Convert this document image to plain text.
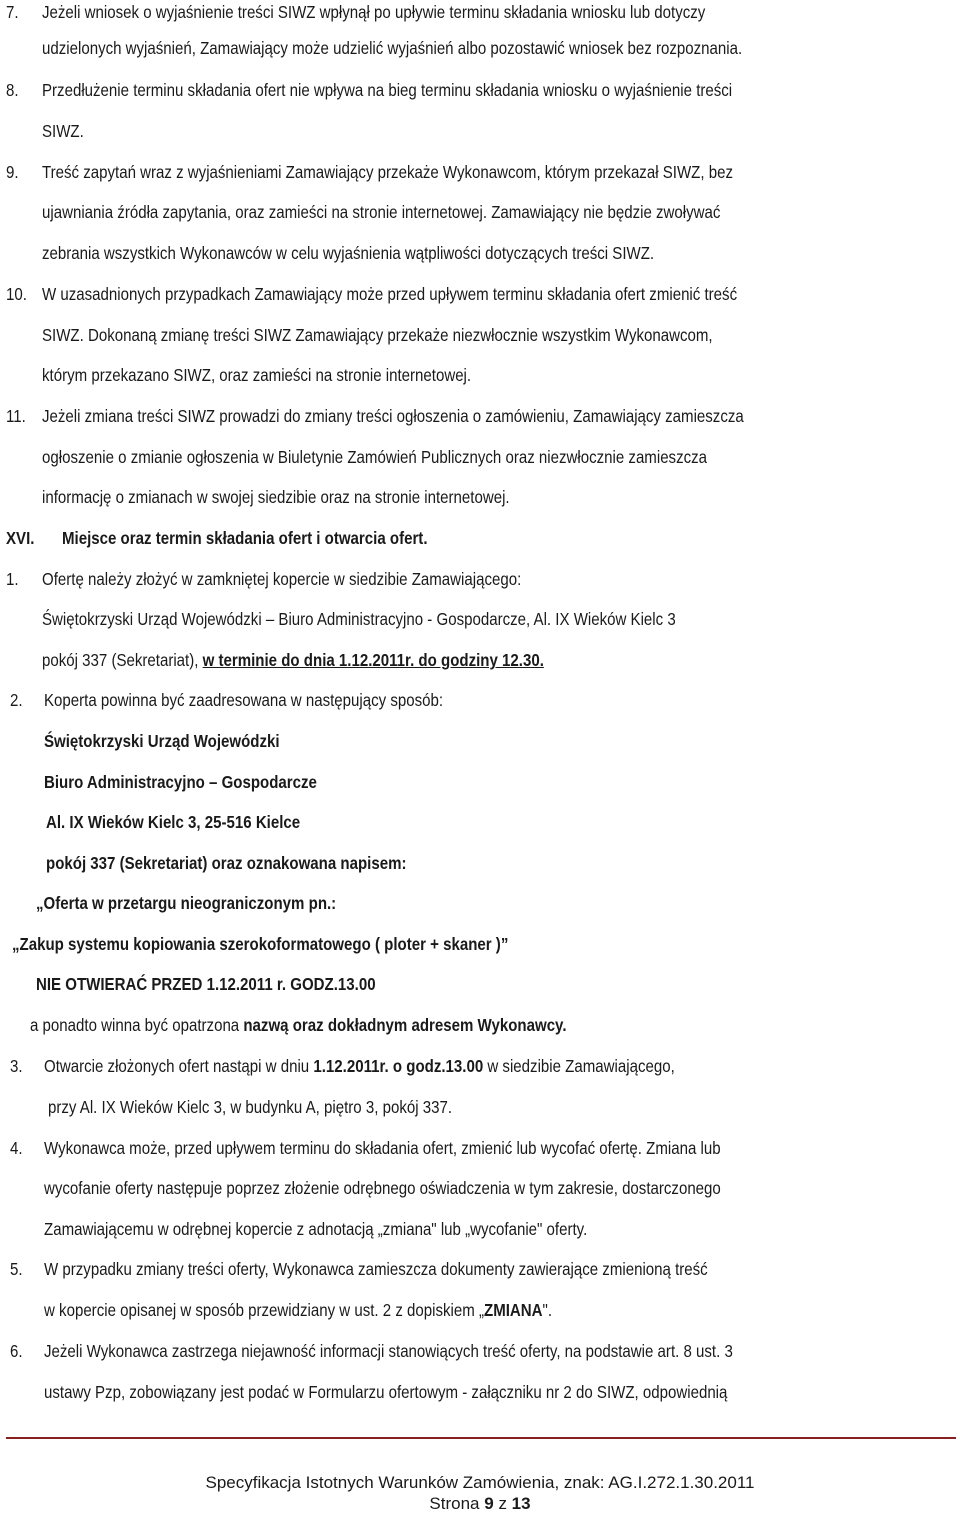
7.	Jeżeli wniosek o wyjaśnienie treści SIWZ wpłynął po upływie terminu składania wniosku lub dotyczy
udzielonych wyjaśnień, Zamawiający może udzielić wyjaśnień albo pozostawić wniosek bez rozpoznania.
8.	Przedłużenie terminu składania ofert nie wpływa na bieg terminu składania wniosku o wyjaśnienie treści
SIWZ.
9.	Treść zapytań wraz z wyjaśnieniami Zamawiający przekaże Wykonawcom, którym przekazał SIWZ, bez
ujawniania źródła zapytania, oraz zamieści na stronie internetowej. Zamawiający nie będzie zwoływać
zebrania wszystkich Wykonawców w celu wyjaśnienia wątpliwości dotyczących treści SIWZ.
10. W uzasadnionych przypadkach Zamawiający może przed upływem terminu składania ofert zmienić treść
SIWZ. Dokonaną zmianę treści SIWZ Zamawiający przekaże niezwłocznie wszystkim Wykonawcom,
którym przekazano SIWZ, oraz zamieści na stronie internetowej.
11. Jeżeli zmiana treści SIWZ prowadzi do zmiany treści ogłoszenia o zamówieniu, Zamawiający zamieszcza
ogłoszenie o zmianie ogłoszenia w Biuletynie Zamówień Publicznych oraz niezwłocznie zamieszcza
informację o zmianach w swojej siedzibie oraz na stronie internetowej.
XVI.	Miejsce oraz termin składania ofert i otwarcia ofert.
1.	Ofertę należy złożyć w zamkniętej kopercie w siedzibie Zamawiającego:
Świętokrzyski Urząd Wojewódzki – Biuro Administracyjno - Gospodarcze, Al. IX Wieków Kielc 3
pokój 337 (Sekretariat), w terminie do dnia 1.12.2011r. do godziny 12.30.
2.	Koperta powinna być zaadresowana w następujący sposób:
Świętokrzyski Urząd Wojewódzki
Biuro Administracyjno – Gospodarcze
Al. IX Wieków Kielc 3, 25-516 Kielce
pokój 337 (Sekretariat) oraz oznakowana napisem:
„Oferta w przetargu nieograniczonym pn.:
„Zakup systemu kopiowania szerokoformatowego ( ploter + skaner )”
NIE OTWIERAĆ PRZED 1.12.2011 r. GODZ.13.00
a ponadto winna być opatrzona nazwą oraz dokładnym adresem Wykonawcy.
3.	Otwarcie złożonych ofert nastąpi w dniu 1.12.2011r. o godz.13.00 w siedzibie Zamawiającego,
przy Al. IX Wieków Kielc 3, w budynku A, piętro 3, pokój 337.
4.	Wykonawca może, przed upływem terminu do składania ofert, zmienić lub wycofać ofertę. Zmiana lub
wycofanie oferty następuje poprzez złożenie odrębnego oświadczenia w tym zakresie, dostarczonego
Zamawiającemu w odrębnej kopercie z adnotacją „zmiana" lub „wycofanie" oferty.
5.	W przypadku zmiany treści oferty, Wykonawca zamieszcza dokumenty zawierające zmienioną treść
w kopercie opisanej w sposób przewidziany w ust. 2 z dopiskiem „ZMIANA".
6.	Jeżeli Wykonawca zastrzega niejawność informacji stanowiących treść oferty, na podstawie art. 8 ust. 3
ustawy Pzp, zobowiązany jest podać w Formularzu ofertowym - załączniku nr 2 do SIWZ, odpowiednią
Specyfikacja Istotnych Warunków Zamówienia, znak: AG.I.272.1.30.2011
Strona 9 z 13
